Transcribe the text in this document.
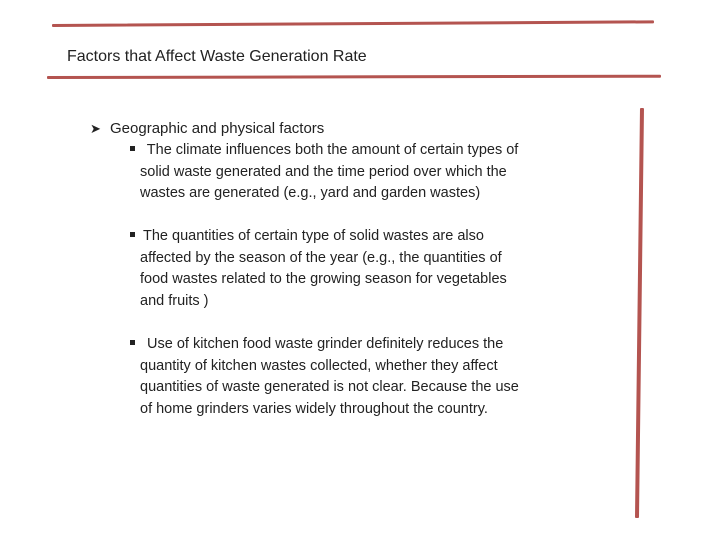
Factors that Affect Waste Generation Rate
➤ Geographic and physical factors
The climate influences both the amount of certain types of
solid waste generated and the time period over which the
wastes are generated (e.g., yard and garden wastes)
The quantities of certain type of solid wastes are also
affected by the season of the year (e.g., the quantities of
food wastes related to the growing season for vegetables
and fruits )
Use of kitchen food waste grinder definitely reduces the
quantity of kitchen wastes collected, whether they affect
quantities of waste generated is not clear. Because the use
of home grinders varies widely throughout the country.
